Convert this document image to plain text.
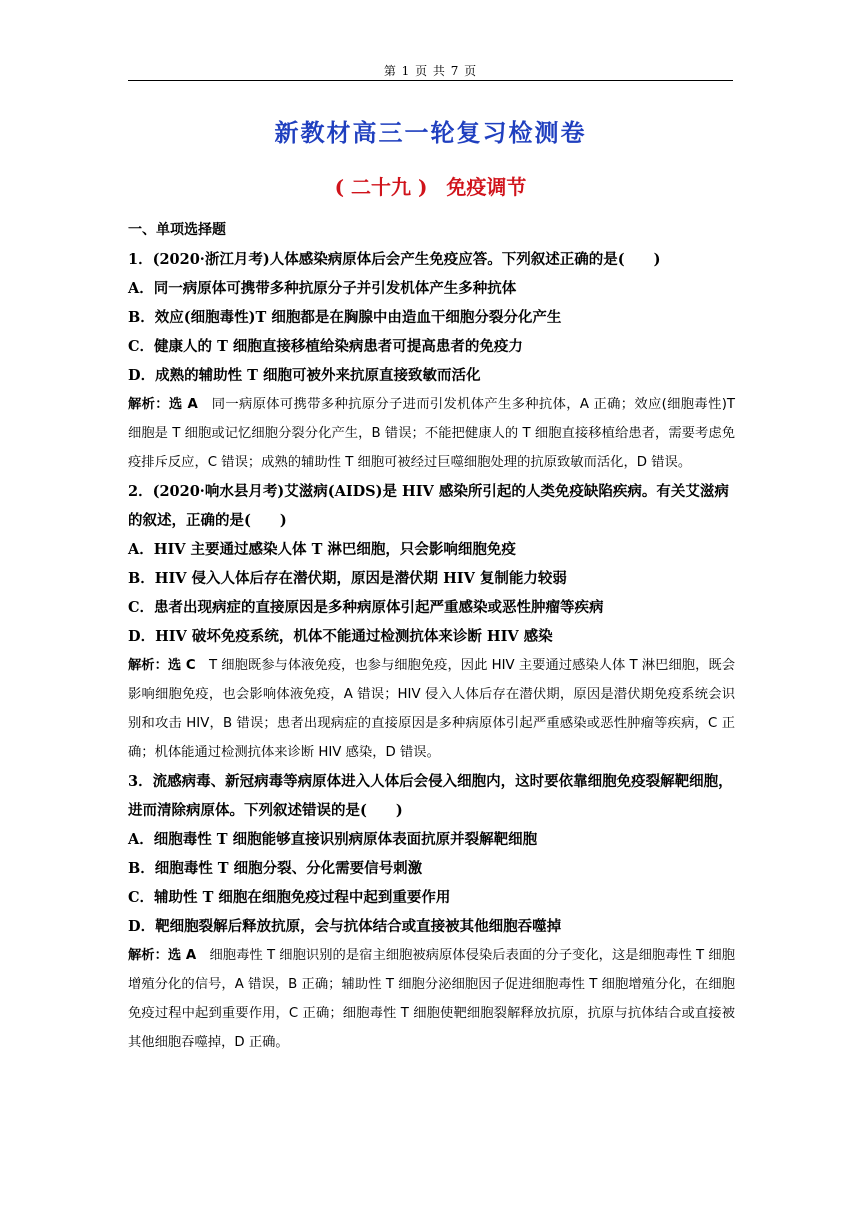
第 1 页 共 7 页
新教材高三一轮复习检测卷
( 二十九 ) 免疫调节

一、单项选择题

1．(2020·浙江月考)人体感染病原体后会产生免疫应答。下列叙述正确的是(　　)

A．同一病原体可携带多种抗原分子并引发机体产生多种抗体

B．效应(细胞毒性)T 细胞都是在胸腺中由造血干细胞分裂分化产生

C．健康人的 T 细胞直接移植给染病患者可提高患者的免疫力

D．成熟的辅助性 T 细胞可被外来抗原直接致敏而活化

解析：选 A　 同一病原体可携带多种抗原分子进而引发机体产生多种抗体，A 正确；效应(细胞毒性)T 细胞是 T 细胞或记忆细胞分裂分化产生，B 错误；不能把健康人的 T 细胞直接移植给患者，需要考虑免疫排斥反应，C 错误；成熟的辅助性 T 细胞可被经过巨噬细胞处理的抗原致敏而活化，D 错误。

2．(2020·响水县月考)艾滋病(AIDS)是 HIV 感染所引起的人类免疫缺陷疾病。有关艾滋病的叙述，正确的是(　　)

A．HIV 主要通过感染人体 T 淋巴细胞，只会影响细胞免疫

B．HIV 侵入人体后存在潜伏期，原因是潜伏期 HIV 复制能力较弱

C．患者出现病症的直接原因是多种病原体引起严重感染或恶性肿瘤等疾病

D．HIV 破坏免疫系统，机体不能通过检测抗体来诊断 HIV 感染

解析：选 C　 T 细胞既参与体液免疫，也参与细胞免疫，因此 HIV 主要通过感染人体 T 淋巴细胞，既会影响细胞免疫，也会影响体液免疫，A 错误；HIV 侵入人体后存在潜伏期，原因是潜伏期免疫系统会识别和攻击 HIV，B 错误；患者出现病症的直接原因是多种病原体引起严重感染或恶性肿瘤等疾病，C 正确；机体能通过检测抗体来诊断 HIV 感染，D 错误。

3．流感病毒、新冠病毒等病原体进入人体后会侵入细胞内，这时要依靠细胞免疫裂解靶细胞，进而清除病原体。下列叙述错误的是(　　)

A．细胞毒性 T 细胞能够直接识别病原体表面抗原并裂解靶细胞

B．细胞毒性 T 细胞分裂、分化需要信号刺激

C．辅助性 T 细胞在细胞免疫过程中起到重要作用

D．靶细胞裂解后释放抗原，会与抗体结合或直接被其他细胞吞噬掉

解析：选 A　 细胞毒性 T 细胞识别的是宿主细胞被病原体侵染后表面的分子变化，这是细胞毒性 T 细胞增殖分化的信号，A 错误，B 正确；辅助性 T 细胞分泌细胞因子促进细胞毒性 T 细胞增殖分化，在细胞免疫过程中起到重要作用，C 正确；细胞毒性 T 细胞使靶细胞裂解释放抗原，抗原与抗体结合或直接被其他细胞吞噬掉，D 正确。
